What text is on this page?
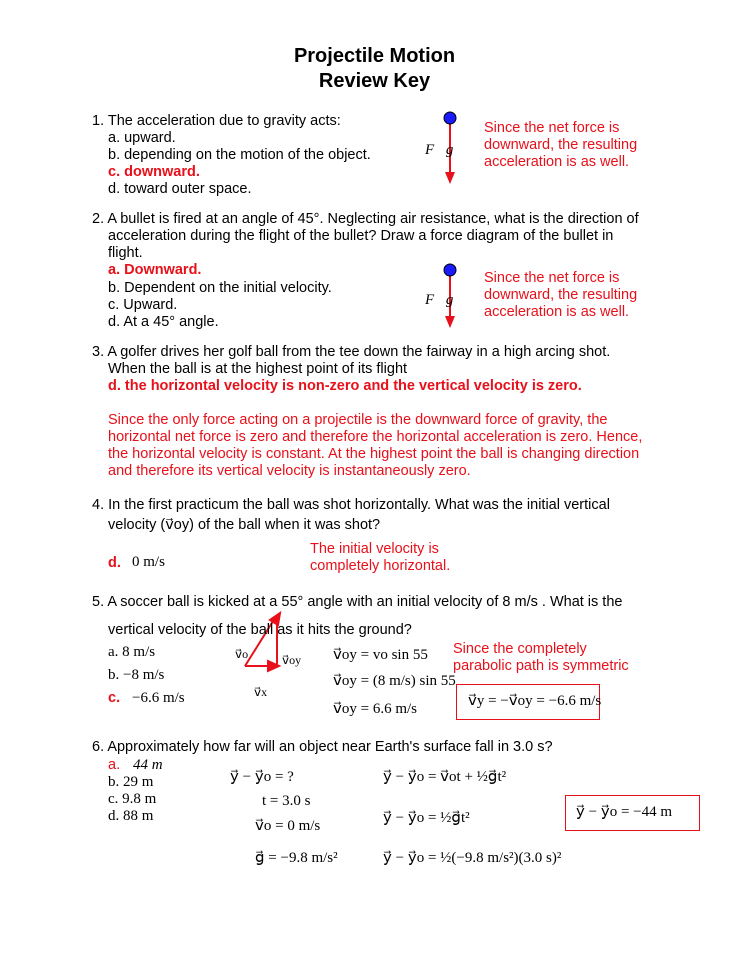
Projectile Motion
Review Key
1. The acceleration due to gravity acts:
a. upward.
b. depending on the motion of the object.
c. downward.
d. toward outer space.
F⃗g
Since the net force is
downward, the resulting
acceleration is as well.
2. A bullet is fired at an angle of 45°. Neglecting air resistance, what is the direction of
acceleration during the flight of the bullet? Draw a force diagram of the bullet in
flight.
a. Downward.
b. Dependent on the initial velocity.
c. Upward.
d. At a 45° angle.
F⃗g
Since the net force is
downward, the resulting
acceleration is as well.
3. A golfer drives her golf ball from the tee down the fairway in a high arcing shot.
When the ball is at the highest point of its flight
d. the horizontal velocity is non-zero and the vertical velocity is zero.
Since the only force acting on a projectile is the downward force of gravity, the
horizontal net force is zero and therefore the horizontal acceleration is zero. Hence,
the horizontal velocity is constant. At the highest point the ball is changing direction
and therefore its vertical velocity is instantaneously zero.
4. In the first practicum the ball was shot horizontally. What was the initial vertical
velocity (v⃗oy) of the ball when it was shot?
d. 0 m/s
The initial velocity is
completely horizontal.
5. A soccer ball is kicked at a 55° angle with an initial velocity of 8 m/s . What is the
vertical velocity of the ball as it hits the ground?
a. 8 m/s
b. −8 m/s
c. −6.6 m/s
v⃗o	v⃗oy
v⃗x
v⃗oy = vo sin 55
v⃗oy = (8 m/s) sin 55
v⃗oy = 6.6 m/s
Since the completely
parabolic path is symmetric
v⃗y = −v⃗oy = −6.6 m/s
6. Approximately how far will an object near Earth's surface fall in 3.0 s?
a. 44 m
b. 29 m
c. 9.8 m
d. 88 m
y⃗ − y⃗o = ?
t = 3.0 s
v⃗o = 0 m/s
g⃗ = −9.8 m/s²
y⃗ − y⃗o = v⃗ot + ½g⃗t²
y⃗ − y⃗o = ½g⃗t²
y⃗ − y⃗o = ½(−9.8 m/s²)(3.0 s)²
y⃗ − y⃗o = −44 m
